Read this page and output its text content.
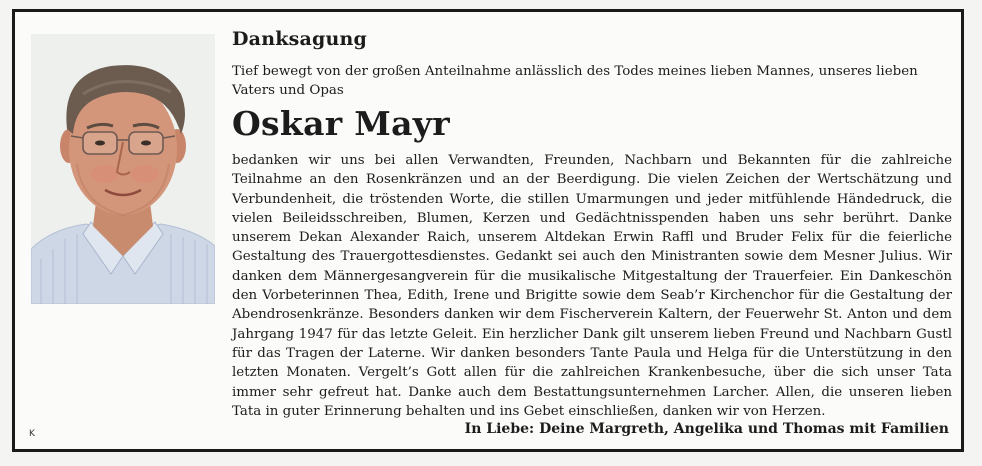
K
Danksagung
Tief bewegt von der großen Anteilnahme anlässlich des Todes meines lieben Mannes, unseres lieben Vaters und Opas
Oskar Mayr
bedanken wir uns bei allen Verwandten, Freunden, Nachbarn und Bekannten für die zahlreiche Teilnahme an den Rosenkränzen und an der Beerdigung. Die vielen Zeichen der Wertschätzung und Verbundenheit, die tröstenden Worte, die stillen Umarmungen und jeder mitfühlende Händedruck, die vielen Beileidsschreiben, Blumen, Kerzen und Gedächtnisspenden haben uns sehr berührt. Danke unserem Dekan Alexander Raich, unserem Altdekan Erwin Raffl und Bruder Felix für die feierliche Gestaltung des Trauergottesdienstes. Gedankt sei auch den Ministranten sowie dem Mesner Julius. Wir danken dem Männergesangverein für die musikalische Mitgestaltung der Trauerfeier. Ein Dankeschön den Vorbeterinnen Thea, Edith, Irene und Brigitte sowie dem Seab’r Kirchenchor für die Gestaltung der Abendrosenkränze. Besonders danken wir dem Fischerverein Kaltern, der Feuerwehr St. Anton und dem Jahrgang 1947 für das letzte Geleit. Ein herzlicher Dank gilt unserem lieben Freund und Nachbarn Gustl für das Tragen der Laterne. Wir danken besonders Tante Paula und Helga für die Unterstützung in den letzten Monaten. Vergelt’s Gott allen für die zahlreichen Krankenbesuche, über die sich unser Tata immer sehr gefreut hat. Danke auch dem Bestattungsunternehmen Larcher. Allen, die unseren lieben Tata in guter Erinnerung behalten und ins Gebet einschließen, danken wir von Herzen.
In Liebe: Deine Margreth, Angelika und Thomas mit Familien
